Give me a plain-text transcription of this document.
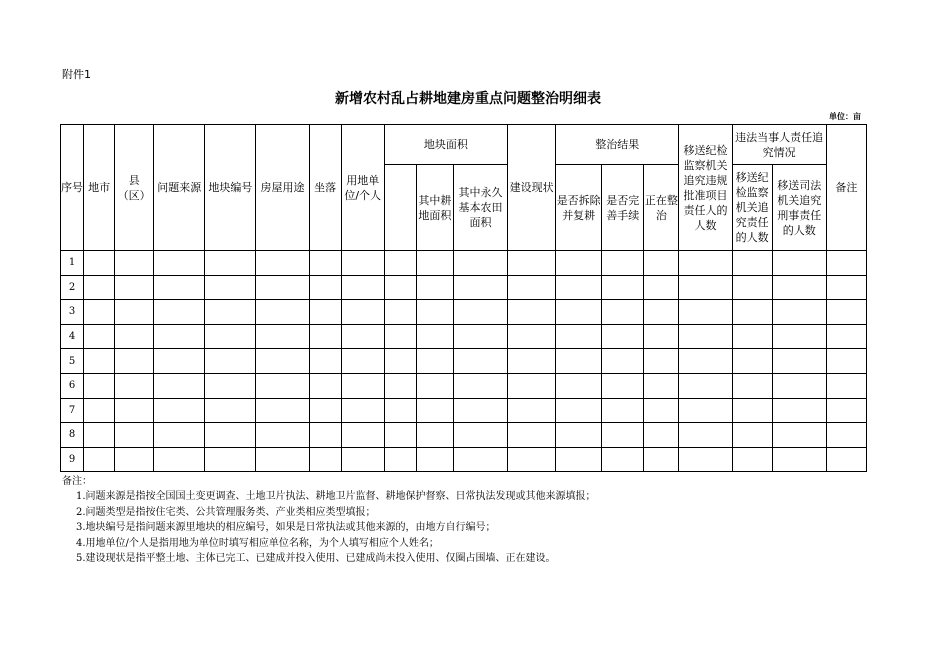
附件1
新增农村乱占耕地建房重点问题整治明细表
单位：亩
序号	地市	县（区）	问题来源	地块编号	房屋用途	坐落	用地单位/个人	地块面积			建设现状	整治结果			移送纪检监察机关追究违规批准项目责任人的人数	违法当事人责任追究情况		备注
									其中耕地面积	其中永久基本农田面积		是否拆除并复耕	是否完善手续	正在整治		移送纪检监察机关追究责任的人数	移送司法机关追究刑事责任的人数	
1																		
2																		
3																		
4																		
5																		
6																		
7																		
8																		
9																		
备注：
1.问题来源是指按全国国土变更调查、土地卫片执法、耕地卫片监督、耕地保护督察、日常执法发现或其他来源填报；
2.问题类型是指按住宅类、公共管理服务类、产业类相应类型填报；
3.地块编号是指问题来源里地块的相应编号，如果是日常执法或其他来源的，由地方自行编号；
4.用地单位/个人是指用地为单位时填写相应单位名称，为个人填写相应个人姓名；
5.建设现状是指平整土地、主体已完工、已建成并投入使用、已建成尚未投入使用、仅圈占围墙、正在建设。
